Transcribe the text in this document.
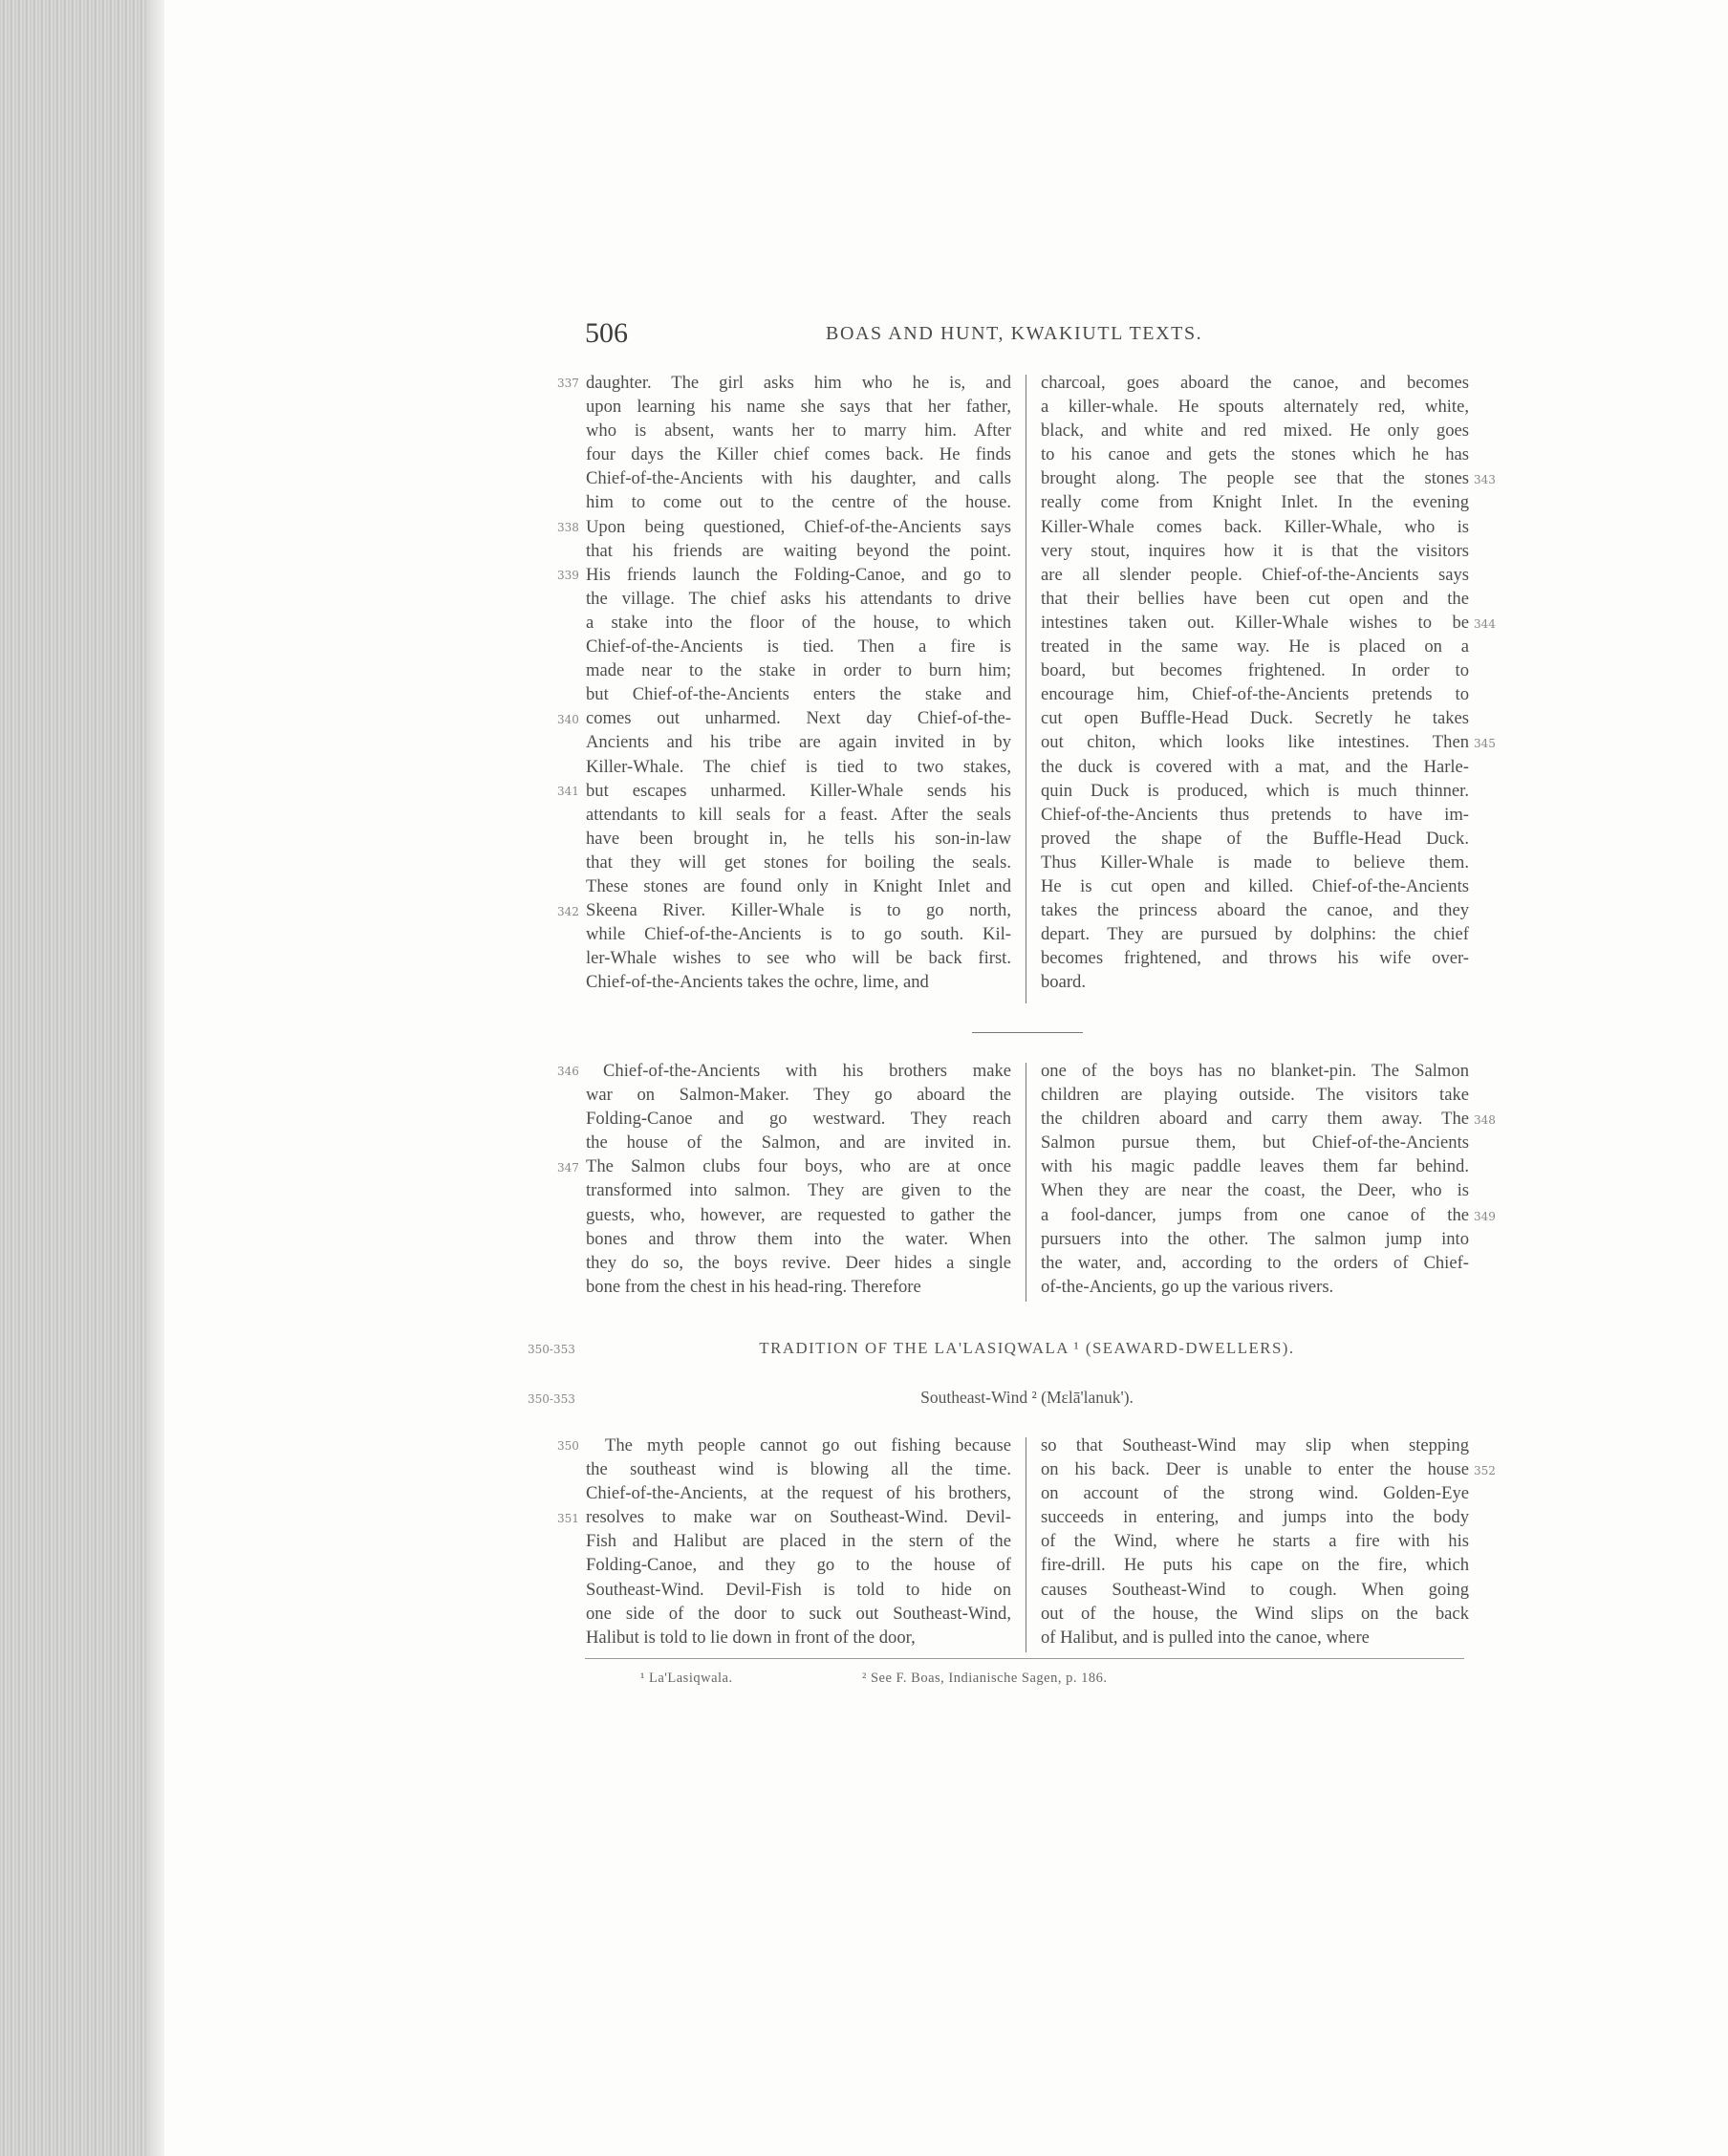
506	BOAS AND HUNT, KWAKIUTL TEXTS.
daughter. The girl asks him who he is, and
upon learning his name she says that her father,
who is absent, wants her to marry him. After
four days the Killer chief comes back. He finds
Chief-of-the-Ancients with his daughter, and calls
him to come out to the centre of the house.
Upon being questioned, Chief-of-the-Ancients says
that his friends are waiting beyond the point.
His friends launch the Folding-Canoe, and go to
the village. The chief asks his attendants to drive
a stake into the floor of the house, to which
Chief-of-the-Ancients is tied. Then a fire is
made near to the stake in order to burn him;
but Chief-of-the-Ancients enters the stake and
comes out unharmed. Next day Chief-of-the-
Ancients and his tribe are again invited in by
Killer-Whale. The chief is tied to two stakes,
but escapes unharmed. Killer-Whale sends his
attendants to kill seals for a feast. After the seals
have been brought in, he tells his son-in-law
that they will get stones for boiling the seals.
These stones are found only in Knight Inlet and
Skeena River. Killer-Whale is to go north,
while Chief-of-the-Ancients is to go south. Kil-
ler-Whale wishes to see who will be back first.
Chief-of-the-Ancients takes the ochre, lime, and
charcoal, goes aboard the canoe, and becomes
a killer-whale. He spouts alternately red, white,
black, and white and red mixed. He only goes
to his canoe and gets the stones which he has
brought along. The people see that the stones
really come from Knight Inlet. In the evening
Killer-Whale comes back. Killer-Whale, who is
very stout, inquires how it is that the visitors
are all slender people. Chief-of-the-Ancients says
that their bellies have been cut open and the
intestines taken out. Killer-Whale wishes to be
treated in the same way. He is placed on a
board, but becomes frightened. In order to
encourage him, Chief-of-the-Ancients pretends to
cut open Buffle-Head Duck. Secretly he takes
out chiton, which looks like intestines. Then
the duck is covered with a mat, and the Harle-
quin Duck is produced, which is much thinner.
Chief-of-the-Ancients thus pretends to have im-
proved the shape of the Buffle-Head Duck.
Thus Killer-Whale is made to believe them.
He is cut open and killed. Chief-of-the-Ancients
takes the princess aboard the canoe, and they
depart. They are pursued by dolphins: the chief
becomes frightened, and throws his wife over-
board.
337
338
339
340
341
342
343
344
345
Chief-of-the-Ancients with his brothers make
war on Salmon-Maker. They go aboard the
Folding-Canoe and go westward. They reach
the house of the Salmon, and are invited in.
The Salmon clubs four boys, who are at once
transformed into salmon. They are given to the
guests, who, however, are requested to gather the
bones and throw them into the water. When
they do so, the boys revive. Deer hides a single
bone from the chest in his head-ring. Therefore
one of the boys has no blanket-pin. The Salmon
children are playing outside. The visitors take
the children aboard and carry them away. The
Salmon pursue them, but Chief-of-the-Ancients
with his magic paddle leaves them far behind.
When they are near the coast, the Deer, who is
a fool-dancer, jumps from one canoe of the
pursuers into the other. The salmon jump into
the water, and, according to the orders of Chief-
of-the-Ancients, go up the various rivers.
346
347
348
349
350-353	TRADITION OF THE LA'LASIQWALA ¹ (SEAWARD-DWELLERS).
350-353	Southeast-Wind ² (Mɛlā'lanuk').
The myth people cannot go out fishing because
the southeast wind is blowing all the time.
Chief-of-the-Ancients, at the request of his brothers,
resolves to make war on Southeast-Wind. Devil-
Fish and Halibut are placed in the stern of the
Folding-Canoe, and they go to the house of
Southeast-Wind. Devil-Fish is told to hide on
one side of the door to suck out Southeast-Wind,
Halibut is told to lie down in front of the door,
so that Southeast-Wind may slip when stepping
on his back. Deer is unable to enter the house
on account of the strong wind. Golden-Eye
succeeds in entering, and jumps into the body
of the Wind, where he starts a fire with his
fire-drill. He puts his cape on the fire, which
causes Southeast-Wind to cough. When going
out of the house, the Wind slips on the back
of Halibut, and is pulled into the canoe, where
350
351
352
¹ La'Lasiqwala.	² See F. Boas, Indianische Sagen, p. 186.
